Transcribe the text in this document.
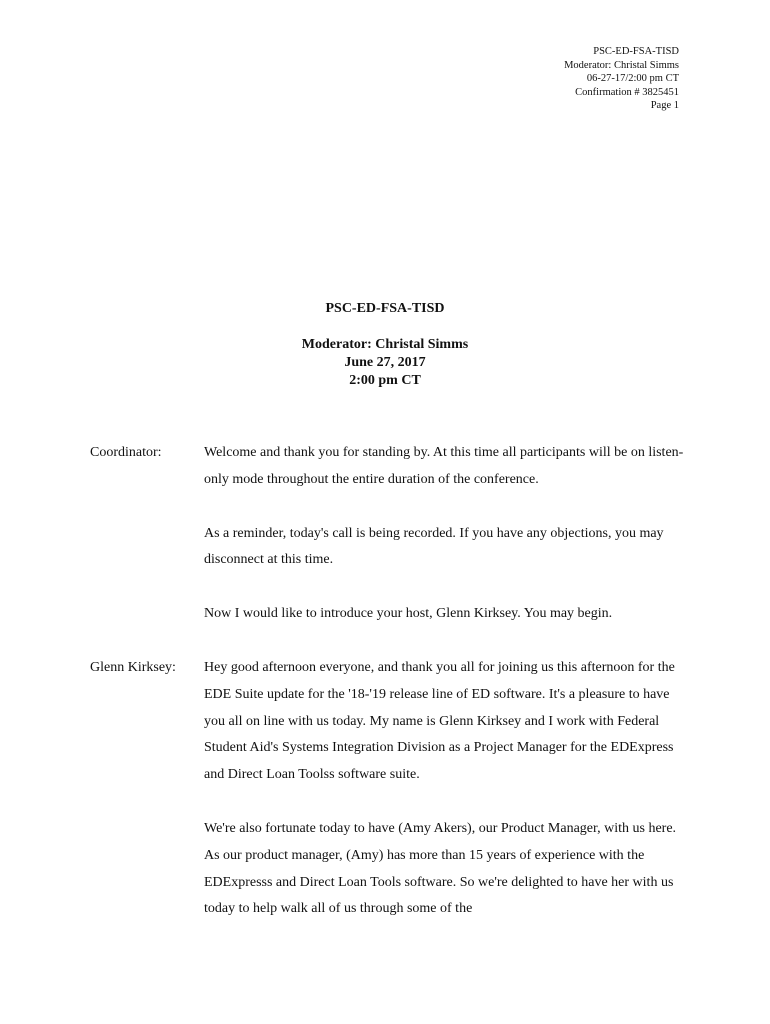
PSC-ED-FSA-TISD
Moderator: Christal Simms
06-27-17/2:00 pm CT
Confirmation # 3825451
Page 1
PSC-ED-FSA-TISD
Moderator: Christal Simms
June 27, 2017
2:00 pm CT
Coordinator:	Welcome and thank you for standing by. At this time all participants will be on listen-only mode throughout the entire duration of the conference.

As a reminder, today's call is being recorded. If you have any objections, you may disconnect at this time.

Now I would like to introduce your host, Glenn Kirksey. You may begin.

Glenn Kirksey:	Hey good afternoon everyone, and thank you all for joining us this afternoon for the EDE Suite update for the '18-'19 release line of ED software. It's a pleasure to have you all on line with us today. My name is Glenn Kirksey and I work with Federal Student Aid's Systems Integration Division as a Project Manager for the EDExpress and Direct Loan Toolss software suite.

We're also fortunate today to have (Amy Akers), our Product Manager, with us here. As our product manager, (Amy) has more than 15 years of experience with the EDExpresss and Direct Loan Tools software. So we're delighted to have her with us today to help walk all of us through some of the
